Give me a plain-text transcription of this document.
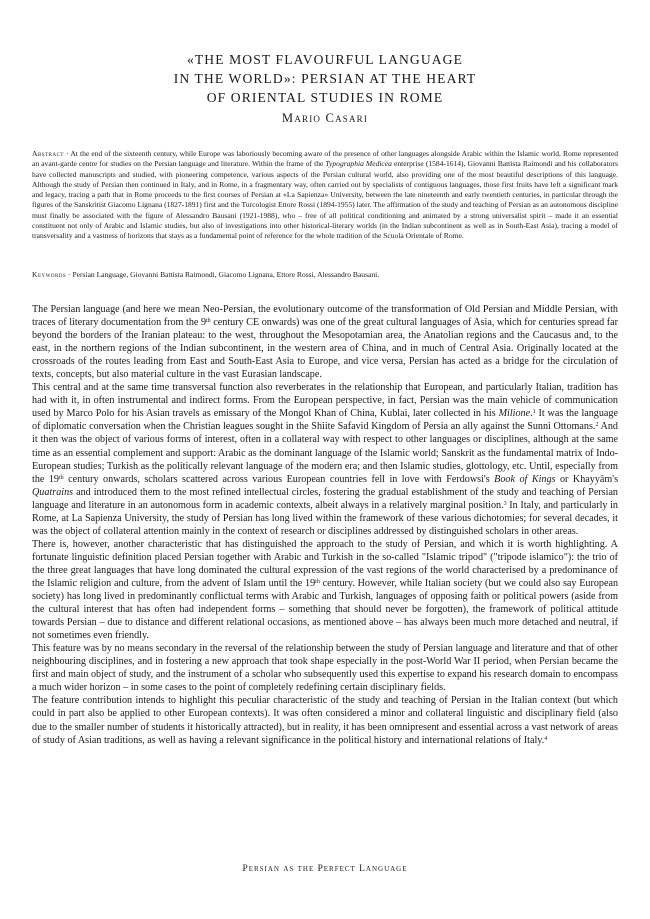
«THE MOST FLAVOURFUL LANGUAGE
IN THE WORLD»: PERSIAN AT THE HEART
OF ORIENTAL STUDIES IN ROME

Mario Casari

Abstract · At the end of the sixteenth century, while Europe was laboriously becoming aware of the presence of other languages alongside Arabic within the Islamic world, Rome represented an avant-garde centre for studies on the Persian language and literature. Within the frame of the Typographia Medicea enterprise (1584-1614), Giovanni Battista Raimondi and his collaborators have collected manuscripts and studied, with pioneering competence, various aspects of the Persian cultural world, also providing one of the most beautiful descriptions of this language. Although the study of Persian then continued in Italy, and in Rome, in a fragmentary way, often carried out by specialists of contiguous languages, those first fruits have left a significant mark and legacy, tracing a path that in Rome proceeds to the first courses of Persian at «La Sapienza» University, between the late nineteenth and early twentieth centuries, in particular through the figures of the Sanskritist Giacomo Lignana (1827-1891) first and the Turcologist Ettore Rossi (1894-1955) later. The affirmation of the study and teaching of Persian as an autonomous discipline must finally be associated with the figure of Alessandro Bausani (1921-1988), who – free of all political conditioning and animated by a strong universalist spirit – made it an essential constituent not only of Arabic and Islamic studies, but also of investigations into other historical-literary worlds (in the Indian subcontinent as well as in South-East Asia), tracing a model of transversality and a vastness of horizons that stays as a fundamental point of reference for the whole tradition of the Scuola Orientale of Rome.

Keywords · Persian Language, Giovanni Battista Raimondi, Giacomo Lignana, Ettore Rossi, Alessandro Bausani.

The Persian language (and here we mean Neo-Persian, the evolutionary outcome of the transformation of Old Persian and Middle Persian, with traces of literary documentation from the 9th century CE onwards) was one of the great cultural languages of Asia, which for centuries spread far beyond the borders of the Iranian plateau: to the west, throughout the Mesopotamian area, the Anatolian regions and the Caucasus and, to the east, in the northern regions of the Indian subcontinent, in the western area of China, and in much of Central Asia. Originally located at the crossroads of the routes leading from East and South-East Asia to Europe, and vice versa, Persian has acted as a bridge for the circulation of texts, concepts, but also material culture in the vast Eurasian landscape.

This central and at the same time transversal function also reverberates in the relationship that European, and particularly Italian, tradition has had with it, in often instrumental and indirect forms. From the European perspective, in fact, Persian was the main vehicle of communication used by Marco Polo for his Asian travels as emissary of the Mongol Khan of China, Kublai, later collected in his Milione.$^1$ It was the language of diplomatic conversation when the Christian leagues sought in the Shiite Safavid Kingdom of Persia an ally against the Sunni Ottomans.$^2$ And it then was the object of various forms of interest, often in a collateral way with respect to other languages or disciplines, although at the same time as an essential complement and support: Arabic as the dominant language of the Islamic world; Sanskrit as the fundamental matrix of Indo-European studies; Turkish as the politically relevant language of the modern era; and then Islamic studies, glottology, etc. Until, especially from the 19th century onwards, scholars scattered across various European countries fell in love with Ferdowsi's Book of Kings or Khayyām's Quatrains and introduced them to the most refined intellectual circles, fostering the gradual establishment of the study and teaching of Persian language and literature in an autonomous form in academic contexts, albeit always in a relatively marginal position.$^3$ In Italy, and particularly in Rome, at La Sapienza University, the study of Persian has long lived within the framework of these various dichotomies; for several decades, it was the object of collateral attention mainly in the context of research or disciplines addressed by distinguished scholars in other areas.

There is, however, another characteristic that has distinguished the approach to the study of Persian, and which it is worth highlighting. A fortunate linguistic definition placed Persian together with Arabic and Turkish in the so-called "Islamic tripod" ("tripode islamico"): the trio of the three great languages that have long dominated the cultural expression of the vast regions of the world characterised by a predominance of the Islamic religion and culture, from the advent of Islam until the 19th century. However, while Italian society (but we could also say European society) has long lived in predominantly conflictual terms with Arabic and Turkish, languages of opposing faith or political powers (aside from the cultural interest that has often had independent forms – something that should never be forgotten), the framework of political attitude towards Persian – due to distance and different relational occasions, as mentioned above – has always been much more detached and neutral, if not sometimes even friendly.

This feature was by no means secondary in the reversal of the relationship between the study of Persian language and literature and that of other neighbouring disciplines, and in fostering a new approach that took shape especially in the post-World War II period, when Persian became the first and main object of study, and the instrument of a scholar who subsequently used this expertise to expand his research domain to encompass a much wider horizon – in some cases to the point of completely redefining certain disciplinary fields.

The feature contribution intends to highlight this peculiar characteristic of the study and teaching of Persian in the Italian context (but which could in part also be applied to other European contexts). It was often considered a minor and collateral linguistic and disciplinary field (also due to the smaller number of students it historically attracted), but in reality, it has been omnipresent and essential across a vast network of areas of study of Asian traditions, as well as having a relevant significance in the political history and international relations of Italy.$^4$

Persian as the Perfect Language
